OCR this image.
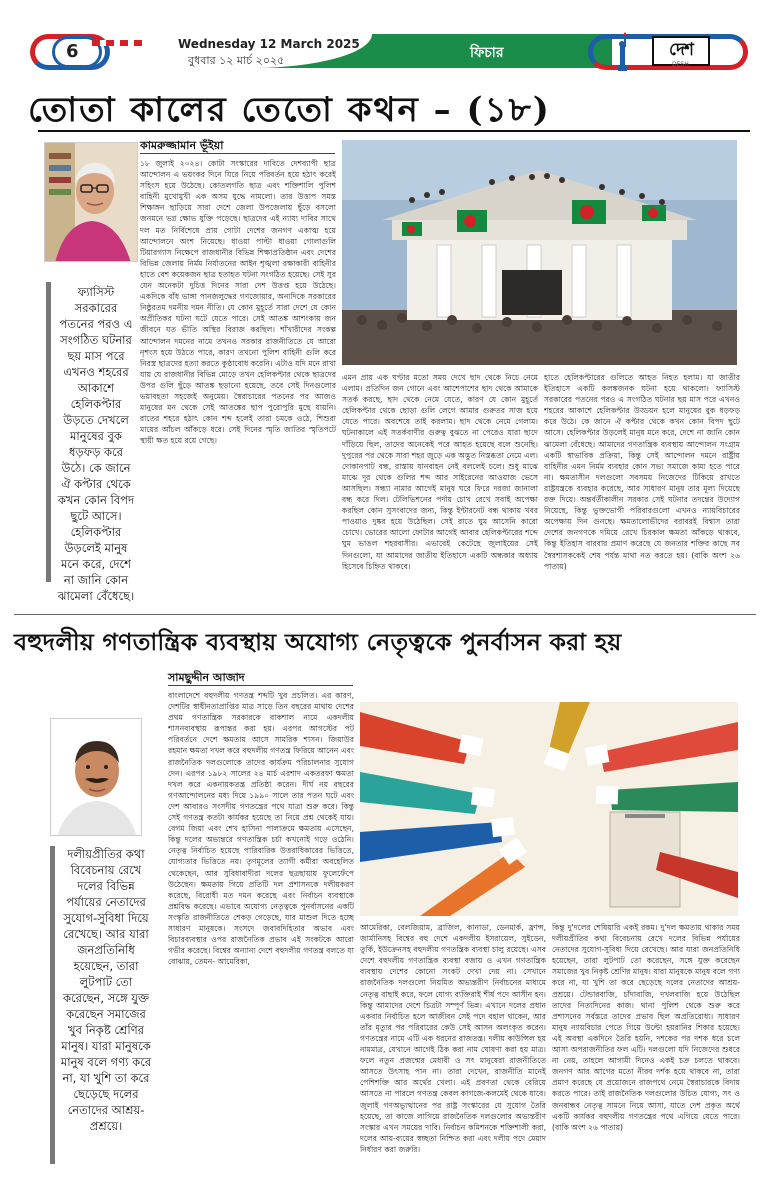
6	Wednesday 12 March 2025
বুধবার ১২ মার্চ ২০২৫	ফিচার	দেশ
DESH
তোতা কালের তেতো কথন – (১৮)
কামরুজ্জামান ভূঁইয়া
ফ্যাসিস্ট সরকারের পতনের পরও এ সংগঠিত ঘটনার ছয় মাস পরে এখনও শহরের আকাশে হেলিকপ্টার উড়তে দেখলে মানুষের বুক ধড়ফড় করে উঠে। কে জানে ঐ কপ্টার থেকে কখন কোন বিপদ ছুটে আসে। হেলিকপ্টার উড়লেই মানুষ মনে করে, দেশে না জানি কোন ঝামেলা বেঁধেছে।
১৮ জুলাই ২০২৪। কোটা সংস্কারের দাবিতে দেশব্যাপী ছাত্র আন্দোলন এ ভয়ংকর দিনে যিরে নিয়ে পরিবর্তন হয়ে হঠাৎ করেই সহিংস হয়ে উঠেছে। কোতলগতি ছাত্র এবং শক্তিশালি পুলিশ বাহিনী মুখোমুখী এক অসম যুদ্ধে নামলো। তার উত্তাপ সমস্ত শিক্ষাঙ্গন ছাড়িয়ে সারা দেশে জেলা উপজেলায় ছুঁড়ে বসলো জনমনে ভগ্ন ক্ষোভ যুক্তি পড়েছে। ছাত্রদের এই ন্যায্য দাবির সাথে দল মত নির্বিশেষে প্রায় গোটা দেশের জনগণ একাত্ম হয়ে আন্দোলনে অংশ নিয়েছে। ধাওয়া পাল্টা ধাওয়া গোলাগুলি টিয়ারগ্যাস নিক্ষেপে রাজধানীর বিভিন্ন শিক্ষাপ্রতিষ্ঠান এবং দেশের বিভিন্ন জেলায় নির্মম নির্যাতনের আইন শৃঙ্খলা রক্ষাকারী বাহিনীর হাতে বেশ কয়েকজন ছাত্র হতাহত ঘটনা সংগঠিত হয়েছে। সেই সুর যেন অনেকটা দুচিত্ত দিনের সারা দেশ উত্তপ্ত হয়ে উঠেছে। একদিকে বাঁধ ভাঙ্গা পানজলুদ্ধের গণজোয়ার, অন্যদিকে সরকারের নিষ্ঠুরতম দমনীয় দমন নীতি। যে কোন মুহূর্তে সারা দেশে যে কোন অপ্রীতিকর ঘটনা ঘটে যেতে পারে। সেই আতঙ্ক আশংকায় জন জীবনে যত ভীতি অস্থির বিরাজ করছিল। শাঁখারীদের সংকল্প আন্দোলন দমনের নামে তখনও সরকার রাজনীতিতে যে আরো নৃশংস হয়ে উঠতে পারে, কারণ তখনো পুলিশ বাহিনী গুলি করে নিরস্ত্র ছাত্রদের হত্যা করতে কুণ্ঠাবোধ করেনি। এটাও যদি মনে রাখা যায় যে রাজধানীর বিভিন্ন মোড়ে তখন হেলিকপ্টার থেকে ছাত্রদের উপর গুলি ছুঁড়ে আতঙ্ক ছড়ানো হয়েছে, তবে সেই দিনগুলোর ভয়াবহতা সহজেই অনুমেয়। স্বৈরাচারের পতনের পর আজও মানুষের মন থেকে সেই আতঙ্কের ছাপ পুরোপুরি মুছে যায়নি। রাতের শহরে হঠাৎ কোন শব্দ হলেই তারা চমকে ওঠে, শিশুরা মায়ের আঁচল আঁকড়ে ধরে। সেই দিনের স্মৃতি জাতির স্মৃতিপটে স্থায়ী ক্ষত হয়ে রয়ে গেছে।
এমন প্রায় এক ঘণ্টার মতো সময় দেখে ছাদ থেকে নিচে নেমে এলাম। প্রতিদিন জন গোনে এবং আশেপাশের ছাদ থেকে আমাকে সতর্ক করছে, ছাদ থেকে নেমে যেতে, কারণ যে কোন মুহূর্তে হেলিকপ্টার থেকে ছোড়া গুলি লেগে আমার গুরুতর সাজ হয়ে যেতে পারে। অবশেষে তাই করলাম। ছাদ থেকে নেমে গেলাম। ঘটনাকালে এই সতর্কবাণীর গুরুত্ব বুঝতে না পেরেও যারা ছাদে দাঁড়িয়ে ছিল, তাদের অনেকেই পরে আহত হয়েছে বলে শুনেছি। দুপুরের পর থেকে সারা শহর জুড়ে এক অদ্ভুত নিস্তব্ধতা নেমে এল। দোকানপাট বন্ধ, রাস্তায় যানবাহন নেই বললেই চলে। শুধু মাঝে মাঝে দূর থেকে গুলির শব্দ আর সাইরেনের আওয়াজ ভেসে আসছিল। সন্ধ্যা নামার আগেই মানুষ ঘরে ফিরে দরজা জানালা বন্ধ করে দিল। টেলিভিশনের পর্দায় চোখ রেখে সবাই অপেক্ষা করছিল কোন সুসংবাদের জন্য, কিন্তু ইন্টারনেট বন্ধ থাকায় খবর পাওয়াও দুষ্কর হয়ে উঠেছিল। সেই রাতে ঘুম আসেনি কারো চোখে। ভোরের আলো ফোটার আগেই আবার হেলিকপ্টারের শব্দে ঘুম ভাঙল শহরবাসীর। এভাবেই কেটেছে জুলাইয়ের সেই দিনগুলো, যা আমাদের জাতীয় ইতিহাসে একটি অন্ধকার অধ্যায় হিসেবে চিহ্নিত থাকবে।
হাতে হেলিকপ্টারের গুলিতে আহত নিহত হলাম। যা জাতীর ইতিহাসে একটি কলঙ্কজনক ঘটনা হয়ে থাকলো। ফ্যাসিস্ট সরকারের পতনের পরও এ সংগঠিত ঘটনার ছয় মাস পরে এখনও শহরের আকাশে হেলিকপ্টার উড্ডয়ন হলে মানুষের বুক ধড়ফড় করে উঠে। কে জানে ঐ কপ্টার থেকে কখন কোন বিপদ ছুটে আসে। হেলিকপ্টার উড়লেই মানুষ মনে করে, দেশে না জানি কোন ঝামেলা বেঁধেছে। আমাদের গণতান্ত্রিক ব্যবস্থায় আন্দোলন সংগ্রাম একটি স্বাভাবিক প্রক্রিয়া, কিন্তু সেই আন্দোলন দমনে রাষ্ট্রীয় বাহিনীর এমন নির্মম ব্যবহার কোন সভ্য সমাজে কাম্য হতে পারে না। ক্ষমতাসীন দলগুলো সবসময় নিজেদের টিকিয়ে রাখতে রাষ্ট্রযন্ত্রকে ব্যবহার করেছে, আর সাধারণ মানুষ তার মূল্য দিয়েছে রক্ত দিয়ে। অন্তর্বর্তীকালীন সরকার সেই ঘটনার তদন্তের উদ্যোগ নিয়েছে, কিন্তু ভুক্তভোগী পরিবারগুলো এখনও ন্যায়বিচারের অপেক্ষায় দিন গুনছে। ক্ষমতালোভীদের বরাবরই বিশ্বাস তারা দেশের জনগণকে দমিয়ে রেখে চিরকাল ক্ষমতা আঁকড়ে থাকবে, কিন্তু ইতিহাস বারবার প্রমাণ করেছে যে জনতার শক্তির কাছে সব স্বৈরশাসককেই শেষ পর্যন্ত মাথা নত করতে হয়। (বাকি অংশ ২৬ পাতায়)
বহুদলীয় গণতান্ত্রিক ব্যবস্থায় অযোগ্য নেতৃত্বকে পুনর্বাসন করা হয়
সামছুদ্দীন আজাদ
দলীয়প্রীতির কথা বিবেচনায় রেখে দলের বিভিন্ন পর্যায়ের নেতাদের সুযোগ-সুবিধা দিয়ে রেখেছে। আর যারা জনপ্রতিনিধি হয়েছেন, তারা লুটপাট তো করেছেন, সঙ্গে যুক্ত করেছেন সমাজের খুব নিকৃষ্ট শ্রেণির মানুষ। যারা মানুষকে মানুষ বলে গণ্য করে না, যা খুশি তা করে ছেড়েছে দলের নেতাদের আশ্রয়-প্রশ্রয়ে।
বাংলাদেশে বহুদলীয় গণতন্ত্র শব্দটি খুব প্রচলিত। এর কারণ, দেশটির স্বাধীনতাপ্রাপ্তির মাত্র সাড়ে তিন বছরের মাথায় দেশের প্রথম গণতান্ত্রিক সরকারকে বাকশাল নামে একদলীয় শাসনব্যবস্থায় রূপান্তর করা হয়। এরপর আগস্টের পট পরিবর্তনে দেশে ক্ষমতায় আসে সামরিক শাসন। জিয়াউর রহমান ক্ষমতা দখল করে বহুদলীয় গণতন্ত্র ফিরিয়ে আনেন এবং রাজনৈতিক দলগুলোকে তাদের কার্যক্রম পরিচালনার সুযোগ দেন। এরপর ১৯৮২ সালের ২৪ মার্চ এরশাদ একতরফা ক্ষমতা দখল করে একনায়কতন্ত্র প্রতিষ্ঠা করেন। দীর্ঘ নয় বছরের গণআন্দোলনের মধ্য দিয়ে ১৯৯০ সালে তার পতন ঘটে এবং দেশ আবারও সংসদীয় গণতন্ত্রের পথে যাত্রা শুরু করে। কিন্তু সেই গণতন্ত্র কতটা কার্যকর হয়েছে তা নিয়ে প্রশ্ন থেকেই যায়। বেগম জিয়া এবং শেখ হাসিনা পালাক্রমে ক্ষমতায় এসেছেন, কিন্তু দলের অভ্যন্তরে গণতান্ত্রিক চর্চা কখনোই গড়ে ওঠেনি। নেতৃত্ব নির্বাচিত হয়েছে পারিবারিক উত্তরাধিকারের ভিত্তিতে, যোগ্যতার ভিত্তিতে নয়। তৃণমূলের ত্যাগী কর্মীরা অবহেলিত থেকেছেন, আর সুবিধাবাদীরা দলের ছত্রছায়ায় ফুলেফেঁপে উঠেছেন। ক্ষমতায় গিয়ে প্রতিটি দল প্রশাসনকে দলীয়করণ করেছে, বিরোধী মত দমন করেছে এবং নির্বাচন ব্যবস্থাকে প্রশ্নবিদ্ধ করেছে। এভাবে অযোগ্য নেতৃত্বকে পুনর্বাসনের একটি সংস্কৃতি রাজনীতিতে শেকড় গেড়েছে, যার মাশুল দিতে হচ্ছে সাধারণ মানুষকে। সংসদে জবাবদিহিতার অভাব এবং বিচারব্যবস্থার ওপর রাজনৈতিক প্রভাব এই সংকটকে আরো গভীর করেছে। বিশ্বের অন্যান্য দেশে বহুদলীয় গণতন্ত্র বলতে যা বোঝায়, তেমন- আমেরিকা,
আমেরিকা, বেলজিয়াম, ব্রাজিল, কানাডা, ডেনমার্ক, ফ্রান্স, জার্মানিসহ বিশ্বের বহু দেশে একদলীয় ইসরায়েল, সুইডেন, তুর্কি, ইউক্রেনসহ বহুদলীয় গণতন্ত্রিক ব্যবস্থা চালু রয়েছে। এসব দেশে বহুদলীয় গণতান্ত্রিক ব্যবস্থা বজায় ও এখন গণতান্ত্রিক ব্যবস্থায় দেশের কোনো সংকট দেখা দেয় না। সেখানে রাজনৈতিক দলগুলো নিয়মিত অভ্যন্তরীণ নির্বাচনের মাধ্যমে নেতৃত্ব বাছাই করে, ফলে যোগ্য ব্যক্তিরাই শীর্ষ পদে আসীন হন। কিন্তু আমাদের দেশে চিত্রটা সম্পূর্ণ ভিন্ন। এখানে দলের প্রধান একবার নির্বাচিত হলে আজীবন সেই পদে বহাল থাকেন, আর তাঁর মৃত্যুর পর পরিবারের কেউ সেই আসন অলংকৃত করেন। গণতন্ত্রের নামে এটি এক ধরনের রাজতন্ত্র। দলীয় কাউন্সিল হয় নামমাত্র, যেখানে আগেই ঠিক করা নাম ঘোষণা করা হয় মাত্র। ফলে নতুন প্রজন্মের মেধাবী ও সৎ মানুষেরা রাজনীতিতে আসতে উৎসাহ পান না। তারা দেখেন, রাজনীতি মানেই পেশিশক্তি আর অর্থের খেলা। এই প্রবণতা থেকে বেরিয়ে আসতে না পারলে গণতন্ত্র কেবল কাগজে-কলমেই থেকে যাবে। জুলাই গণঅভ্যুত্থানের পর রাষ্ট্র সংস্কারের যে সুযোগ তৈরি হয়েছে, তা কাজে লাগিয়ে রাজনৈতিক দলগুলোর অভ্যন্তরীণ সংস্কার এখন সময়ের দাবি। নির্বাচন কমিশনকে শক্তিশালী করা, দলের আয়-ব্যয়ের স্বচ্ছতা নিশ্চিত করা এবং দলীয় পদে মেয়াদ নির্ধারণ করা জরুরি।
কিন্তু দু'দলের শেষিয়ারি একই রকম। দু'দল ক্ষমতায় থাকার সময় দলীয়প্রীতির কথা বিবেচনায় রেখে দলের বিভিন্ন পর্যায়ের নেতাদের সুযোগ-সুবিধা দিয়ে রেখেছে। আর যারা জনপ্রতিনিধি হয়েছেন, তারা লুটপাট তো করেছেন, সঙ্গে যুক্ত করেছেন সমাজের খুব নিকৃষ্ট শ্রেণির মানুষ। যারা মানুষকে মানুষ বলে গণ্য করে না, যা খুশি তা করে ছেড়েছে দলের নেতাদের আশ্রয়-প্রশ্রয়ে। টেন্ডারবাজি, চাঁদাবাজি, দখলবাজি হয়ে উঠেছিল তাদের নিত্যদিনের কাজ। থানা পুলিশ থেকে শুরু করে প্রশাসনের সর্বস্তরে তাদের প্রভাব ছিল অপ্রতিরোধ্য। সাধারণ মানুষ ন্যায়বিচার পেতে গিয়ে উল্টো হয়রানির শিকার হয়েছে। এই অবস্থা একদিনে তৈরি হয়নি, দশকের পর দশক ধরে চলে আসা অপরাজনীতির ফল এটি। দলগুলো যদি নিজেদের শুধরে না নেয়, তাহলে আগামী দিনেও একই চক্র চলতে থাকবে। জনগণ আর আগের মতো নীরব দর্শক হয়ে থাকবে না, তারা প্রমাণ করেছে যে প্রয়োজনে রাজপথে নেমে স্বৈরাচারকে বিদায় করতে পারে। তাই রাজনৈতিক দলগুলোর উচিত যোগ্য, সৎ ও জনবান্ধব নেতৃত্ব সামনে নিয়ে আসা, যাতে দেশ প্রকৃত অর্থে একটি কার্যকর বহুদলীয় গণতন্ত্রের পথে এগিয়ে যেতে পারে। (বাকি অংশ ২৬ পাতায়)
